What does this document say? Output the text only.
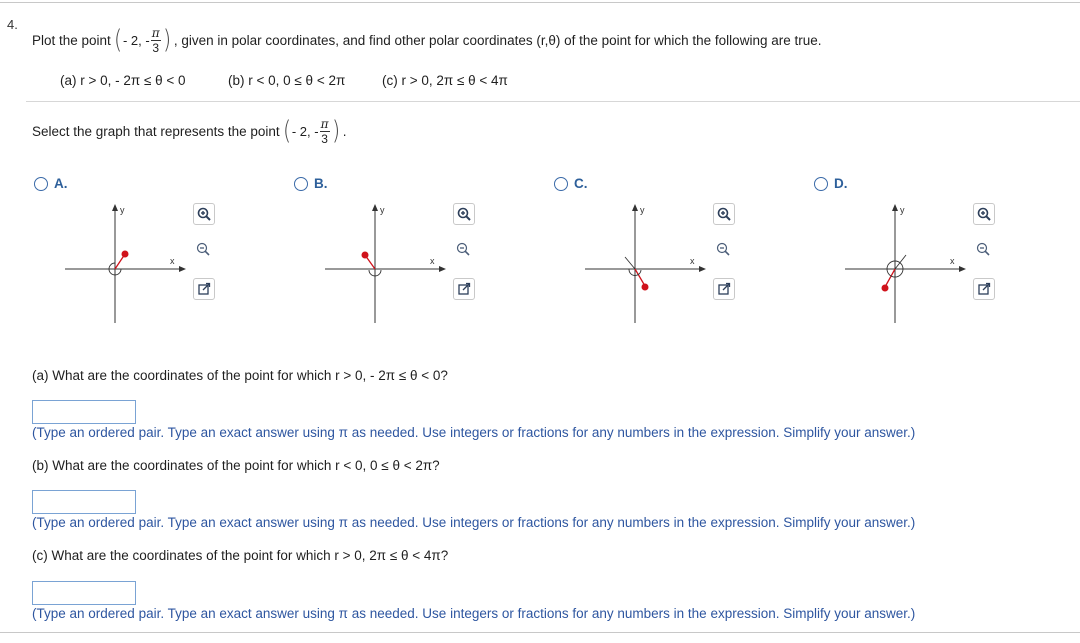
4.
Plot the point ( - 2, - $\frac{\pi}{3}$ ) , given in polar coordinates, and find other polar coordinates (r,θ) of the point for which the following are true.
(a) r > 0, - 2π ≤ θ < 0	(b) r < 0, 0 ≤ θ < 2π	(c) r > 0, 2π ≤ θ < 4π
Select the graph that represents the point ( - 2, - $\frac{\pi}{3}$ ) .
A.
y
x
B.
y
x
C.
y
x
D.
y
x
(a) What are the coordinates of the point for which r > 0, - 2π ≤ θ < 0?
(Type an ordered pair. Type an exact answer using π as needed. Use integers or fractions for any numbers in the expression. Simplify your answer.)
(b) What are the coordinates of the point for which r < 0, 0 ≤ θ < 2π?
(Type an ordered pair. Type an exact answer using π as needed. Use integers or fractions for any numbers in the expression. Simplify your answer.)
(c) What are the coordinates of the point for which r > 0, 2π ≤ θ < 4π?
(Type an ordered pair. Type an exact answer using π as needed. Use integers or fractions for any numbers in the expression. Simplify your answer.)
